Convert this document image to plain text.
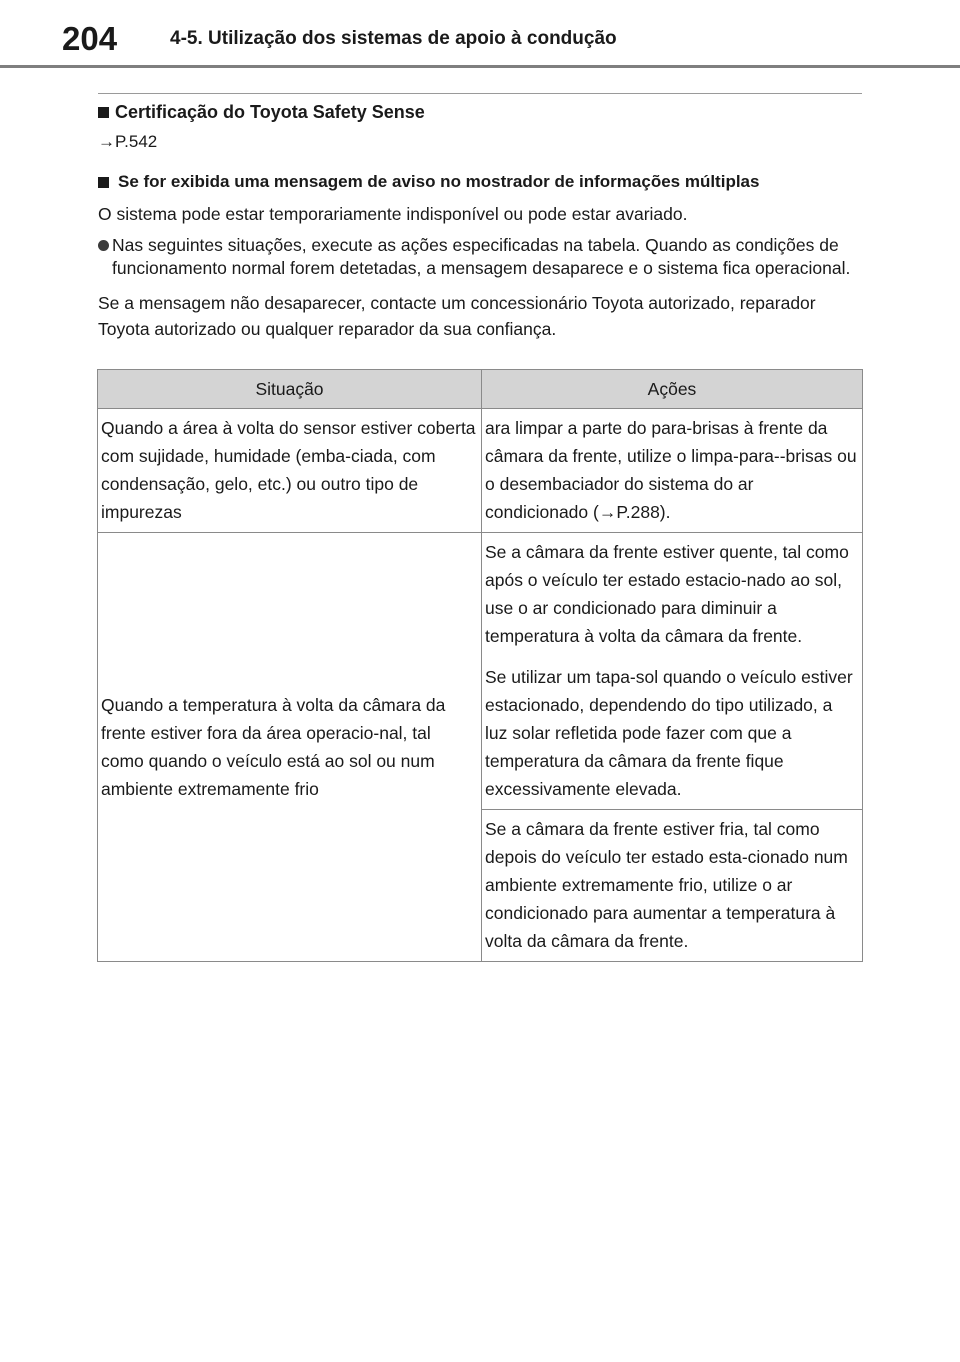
204	4-5. Utilização dos sistemas de apoio à condução
Certificação do Toyota Safety Sense
→P.542
Se for exibida uma mensagem de aviso no mostrador de informações múltiplas
O sistema pode estar temporariamente indisponível ou pode estar avariado.
Nas seguintes situações, execute as ações especificadas na tabela. Quando as condições de funcionamento normal forem detetadas, a mensagem desaparece e o sistema fica operacional.
Se a mensagem não desaparecer, contacte um concessionário Toyota autorizado, reparador Toyota autorizado ou qualquer reparador da sua confiança.
Situação	Ações

Quando a área à volta do sensor estiver coberta com sujidade, humidade (emba-ciada, com condensação, gelo, etc.) ou outro tipo de impurezas	ara limpar a parte do para-brisas à frente da câmara da frente, utilize o limpa-para--brisas ou o desembaciador do sistema do ar condicionado (→P.288).

Quando a temperatura à volta da câmara da frente estiver fora da área operacio-nal, tal como quando o veículo está ao sol ou num ambiente extremamente frio	Se a câmara da frente estiver quente, tal como após o veículo ter estado estacio-nado ao sol, use o ar condicionado para diminuir a temperatura à volta da câmara da frente.
Se utilizar um tapa-sol quando o veículo estiver estacionado, dependendo do tipo utilizado, a luz solar refletida pode fazer com que a temperatura da câmara da frente fique excessivamente elevada.

	Se a câmara da frente estiver fria, tal como depois do veículo ter estado esta-cionado num ambiente extremamente frio, utilize o ar condicionado para aumentar a temperatura à volta da câmara da frente.
